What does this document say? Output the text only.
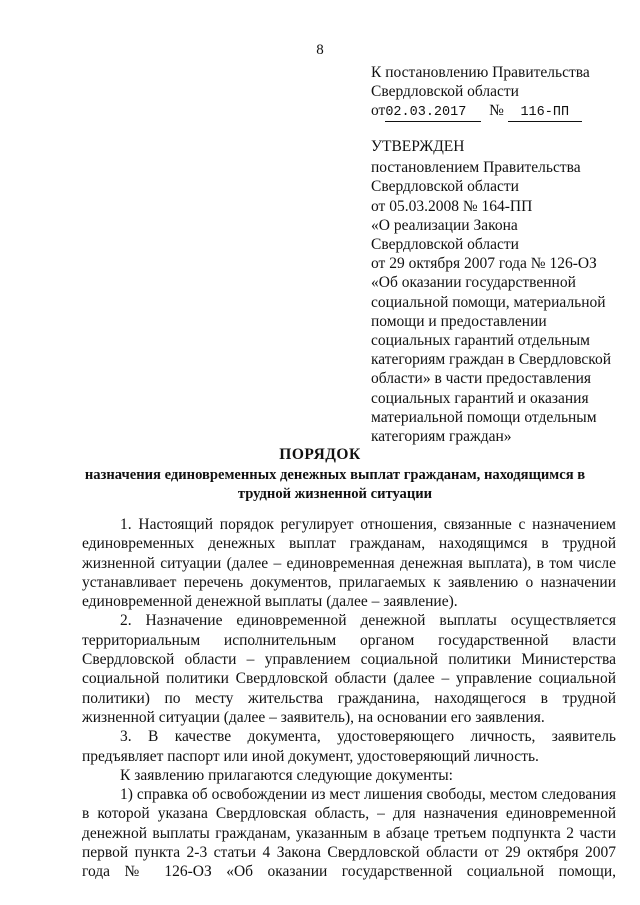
8
К постановлению Правительства
Свердловской области
от02.03.2017 № 116-ПП
УТВЕРЖДЕН
постановлением Правительства
Свердловской области
от 05.03.2008 № 164-ПП
«О реализации Закона
Свердловской области
от 29 октября 2007 года № 126-ОЗ
«Об оказании государственной
социальной помощи, материальной
помощи и предоставлении
социальных гарантий отдельным
категориям граждан в Свердловской
области» в части предоставления
социальных гарантий и оказания
материальной помощи отдельным
категориям граждан»
ПОРЯДОК
назначения единовременных денежных выплат гражданам, находящимся в трудной жизненной ситуации

1. Настоящий порядок регулирует отношения, связанные с назначением единовременных денежных выплат гражданам, находящимся в трудной жизненной ситуации (далее – единовременная денежная выплата), в том числе устанавливает перечень документов, прилагаемых к заявлению о назначении единовременной денежной выплаты (далее – заявление).

2. Назначение единовременной денежной выплаты осуществляется территориальным исполнительным органом государственной власти Свердловской области – управлением социальной политики Министерства социальной политики Свердловской области (далее – управление социальной политики) по месту жительства гражданина, находящегося в трудной жизненной ситуации (далее – заявитель), на основании его заявления.

3. В качестве документа, удостоверяющего личность, заявитель предъявляет паспорт или иной документ, удостоверяющий личность.

К заявлению прилагаются следующие документы:

1) справка об освобождении из мест лишения свободы, местом следования в которой указана Свердловская область, – для назначения единовременной денежной выплаты гражданам, указанным в абзаце третьем подпункта 2 части первой пункта 2-3 статьи 4 Закона Свердловской области от 29 октября 2007 года № 126-ОЗ «Об оказании государственной социальной помощи,
